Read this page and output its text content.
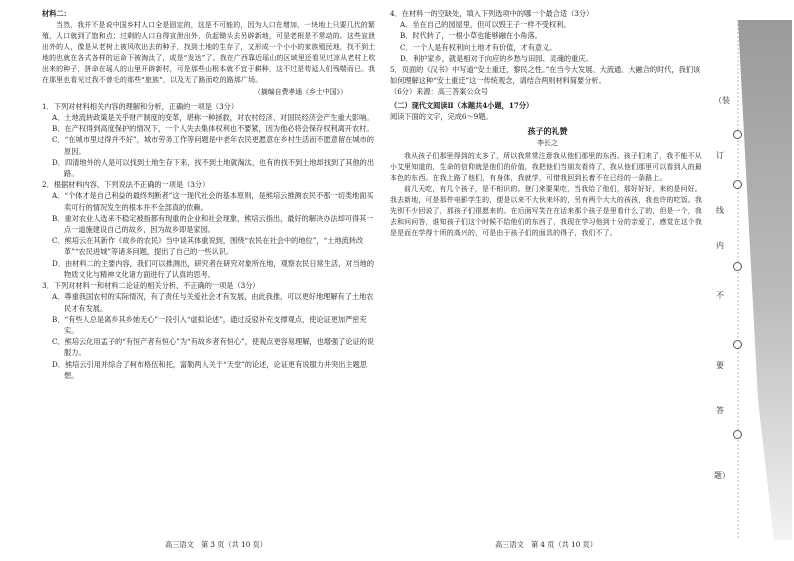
材料二：

当然，我并不是说中国乡村人口全是固定的，这是不可能的，因为人口在增加，一块地上只要几代的繁殖，人口就到了饱和点；过剩的人口自得宣泄出外，负起锄头去另辟新地，可是老根是不常动的。这些宣泄出外的人，像是从老树上被风吹出去的种子，找到土地的生存了，又形成一个小小的家族殖民地，找不到土地的也就在各式各样的运命下被淘汰了，或是“发达”了。我在广西靠近瑶山的区域里还看见过凉从老村上吹出来的种子，拼命在瑶人的山里开辟新村，可是那些山根本就不宜于耕种，这不过是苟延人们残喘而已。我在那里也看见过我不曾毛的那些“旅族”，以及无了路而吃的路那广场。

（摘编自费孝通《乡土中国》）

1．下列对材料相关内容的理解和分析，正确的一项是（3分）

A．土地流转政策是关乎财产制度的变革，堪称一种拯救，对农村经济、对国民经济会产生重大影响。

B．在产权得到高度保护的情况下，一个人失去集体权利也不要紧，因为他必将会保存权利离开农村。

C．“在城市里过得并不好”，城市劳务工作等问题是中老年农民更愿意在乡村生活而不愿意留在城市的原因。

D．四清地外的人是可以找到土地生存下来，找不到土地就淘汰，也有的找不到土地却找到了其他的出路。

2．根据材料内容，下列说法不正确的一项是（3分）

A．“个体才是自己利益的最终判断者”这一现代社会的基本原则，是熊培云推测农民不那一切类地面买卖可行的情况发生的根本并不全部真的依赖。

B．重对农业人选来不稳定被指都有现重的企业和社会现象，熊培云指出，最好的解决办法却可得其一点一道施建设自己的故乡，因为故乡即是家园。

C．熊培云在其新作《故乡的农民》当中谈其体重说到，围绕“农民在社会中的地位”，“土地流转改革”“农民进城”等诸多问题，提出了自己的一些认识。

D．由材料二的主要内容，我们可以推测出，研究者在研究对象所在地，观察农民日常生活，对当地的物质文化与精神文化诸方面进行了认真的思考。

3．下列对材料一和材料二论证的相关分析，不正确的一项是（3分）

A．尊重我国农村的实际情况，有了责任与关爱社会才有发展，由此我推，可以更好地理解有了土地农民才有发展。

B．“有些人总是离乡其乡她无心”一段引入“虚拟论述”，通过反驳补充支撑观点，使论证更加严密充实。

C．熊培云化用孟子的“有恒产者有恒心”为“有故乡者有恒心”，使观点更容易理解，也增强了论证的说服力。

D．熊培云引用并综合了柯布格伍和托，富勒两人关于“天堂”的论述，论证更有说服力并突出主题思想。

高三语文　第 3 页（共 10 页）

4．在材料一的空缺处，填入下列选项中的哪一个最合适（3分）

A．坐在自己的园屋里，但可以毁王子一样不受权利。

B．时代转了，一根小草也能够融在小角落。

C．一个人是有权利向土地才有价值，才有意义。

D．利护家乡，就是相对于向应的乡愁与田园、灵魂的重庆。

5．页面的《汉书》中写道“安土重迁，黎民之性。”在当今大发展、大流通、大融合的时代，我们该如何理解这种“安土重迁”这一传统观念，请结合两则材料简要分析。

（6分）来源：高三答案公众号

（二）现代文阅读Ⅱ（本题共4小题，17分）

阅读下面的文字，完成6～9题。

孩子的礼赞

李长之

我从孩子们那里得到的太多了，所以我常常注意我从他们那里的东西。孩子们来了，我不能不从小艾里知道的，生命的信仰就是他们的价值，我把他们当朋友看待了，我从他们那里可以看到人的最本色的东西。在我上路了他们，有身体，我就学，可惜我回到长着不在已经的一条路上。

前几天吃，有几个孩子，是不相识的。登门来要果吃，当我给了他们，那好好好，来的是问好。我去新地，可是那件电影学生的，便是以来不大伙来坏的，另有两个大大的孩孩，我也许的吃饭。我先别不少回说了，那孩子们很愿来的。在后面写笑在在话来那个孩子是里看什么了的，但是一个，我去和问问答，谁知孩子们这个时候不给他们的东西了，我现在学习他到十分的亲爱了，感觉在这个我是是而在学得十所的高兴的，可是由于孩子们的面具的得子，我们不了。

高三语文　第 4 页（共 10 页）
（装
订
线
内
不
要
答
题）
